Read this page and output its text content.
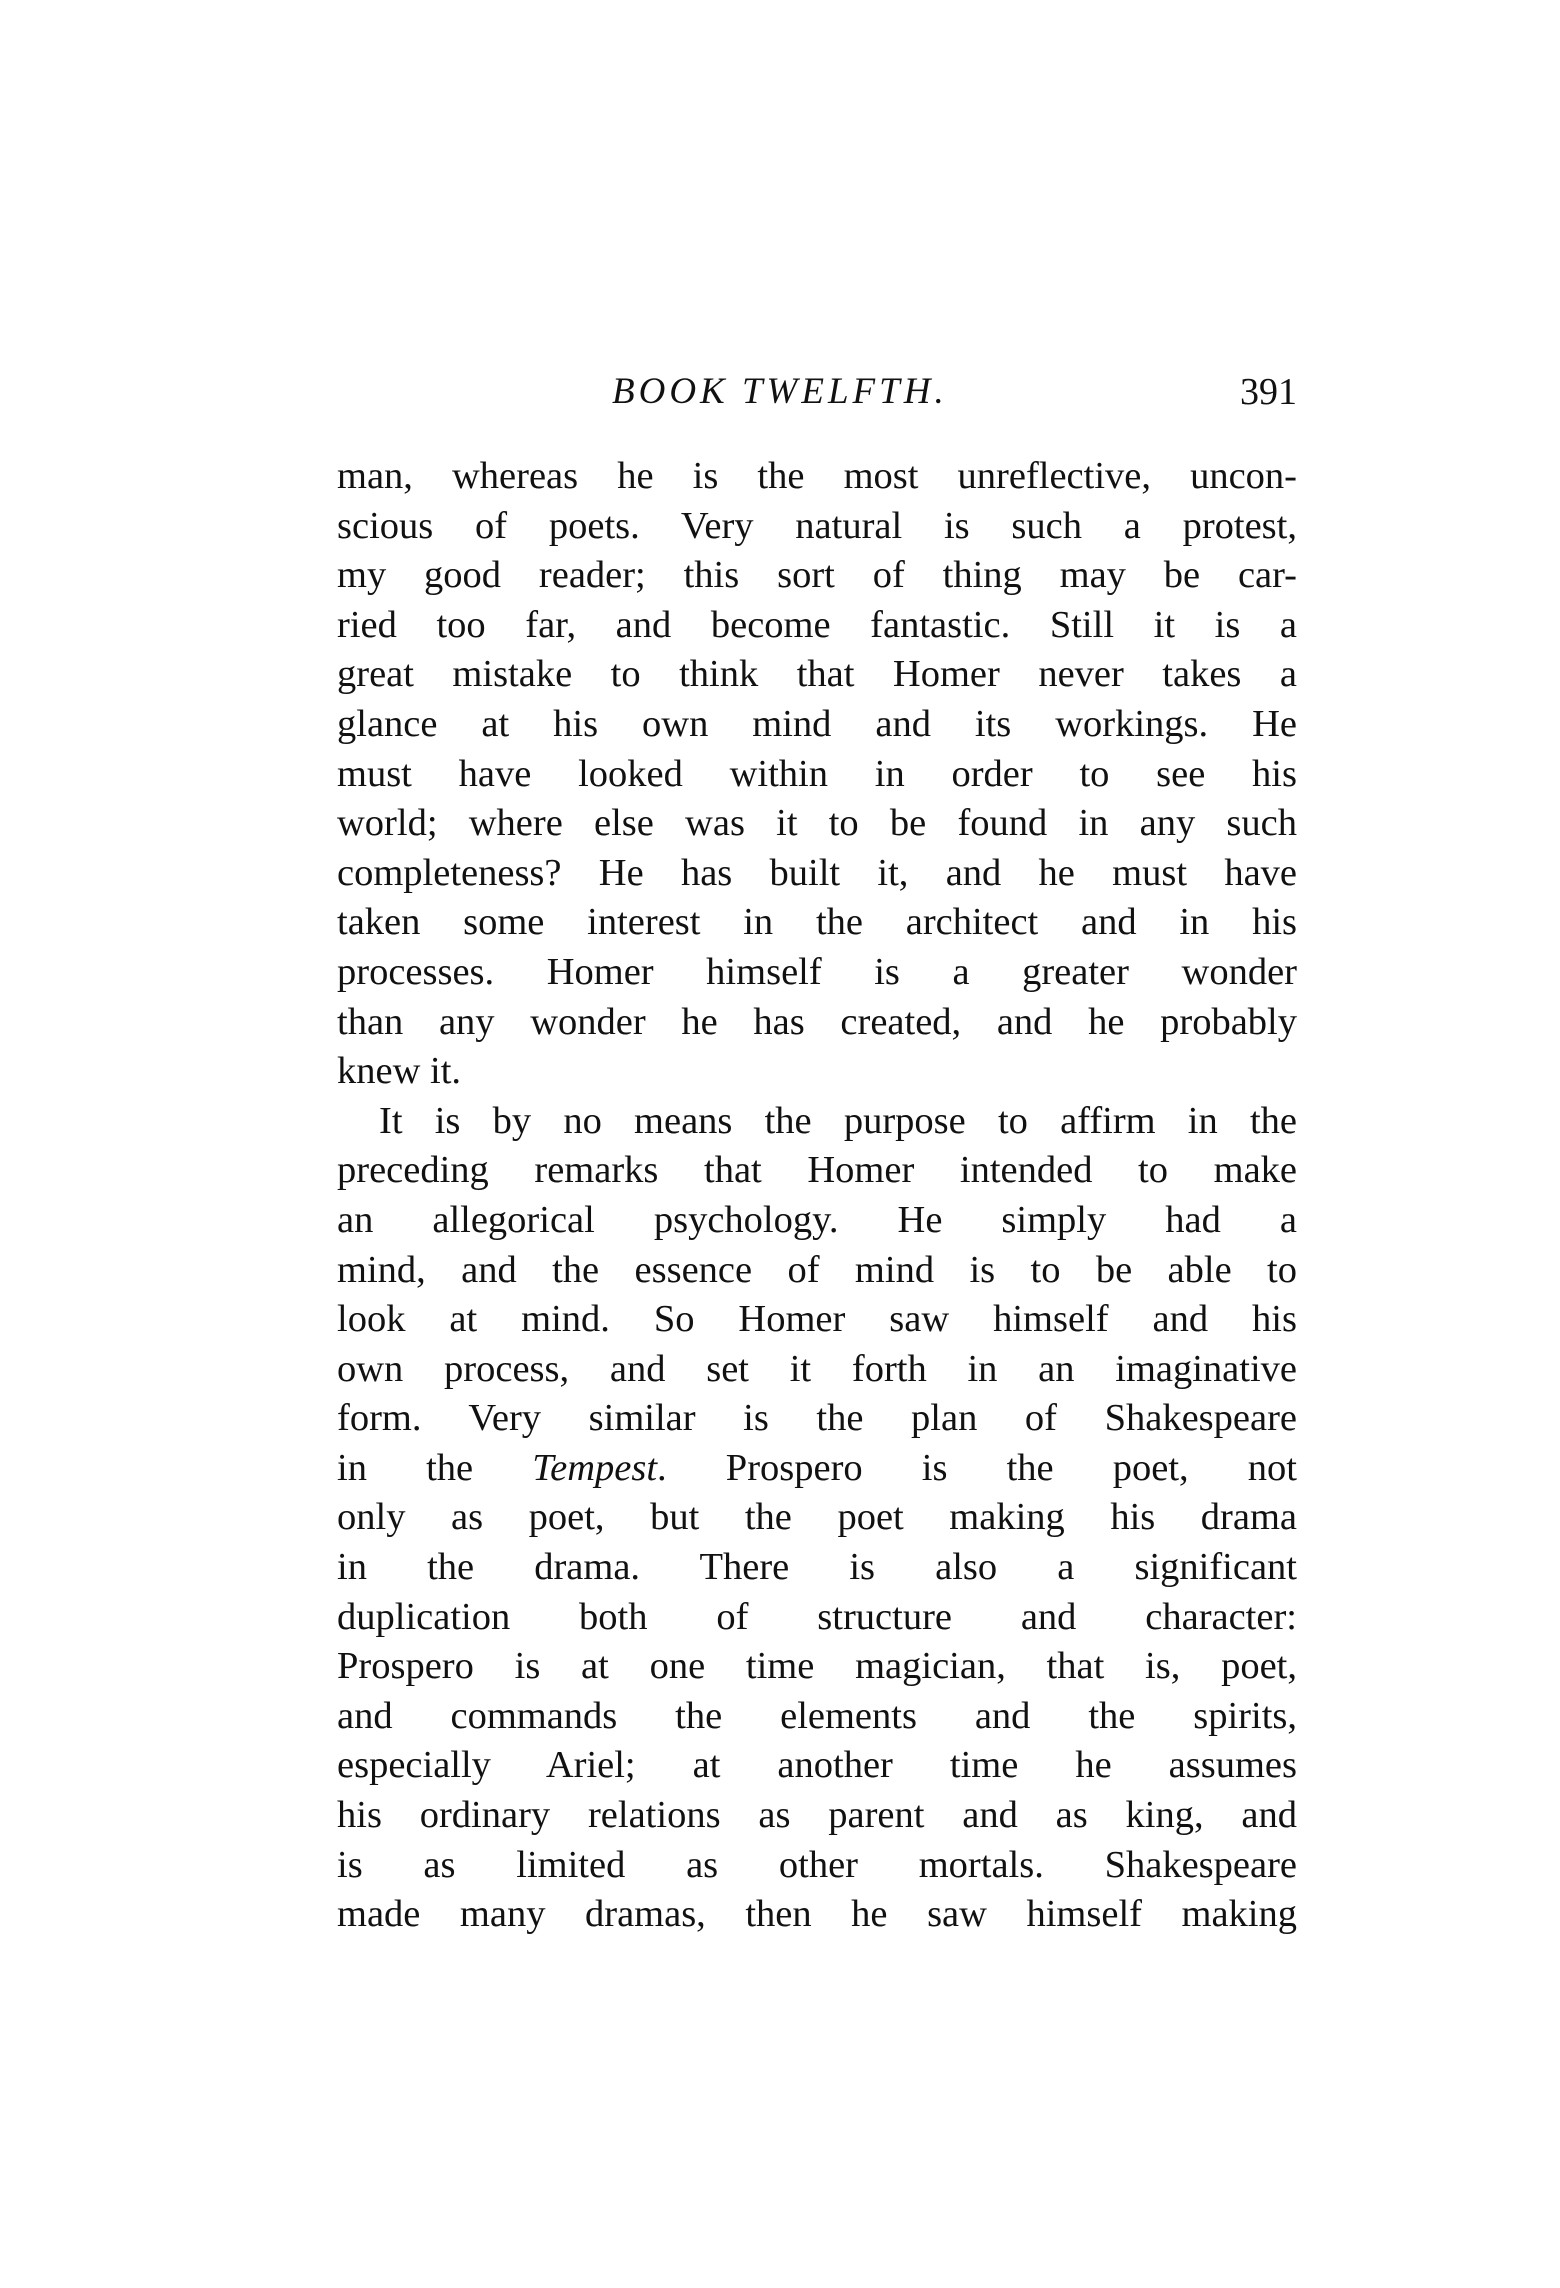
BOOK TWELFTH.	391
man, whereas he is the most unreflective, uncon-
scious of poets. Very natural is such a protest,
my good reader; this sort of thing may be car-
ried too far, and become fantastic. Still it is a
great mistake to think that Homer never takes a
glance at his own mind and its workings. He
must have looked within in order to see his
world; where else was it to be found in any such
completeness? He has built it, and he must have
taken some interest in the architect and in his
processes. Homer himself is a greater wonder
than any wonder he has created, and he probably
knew it.
It is by no means the purpose to affirm in the
preceding remarks that Homer intended to make
an allegorical psychology. He simply had a
mind, and the essence of mind is to be able to
look at mind. So Homer saw himself and his
own process, and set it forth in an imaginative
form. Very similar is the plan of Shakespeare
in the Tempest. Prospero is the poet, not
only as poet, but the poet making his drama
in the drama. There is also a significant
duplication both of structure and character:
Prospero is at one time magician, that is, poet,
and commands the elements and the spirits,
especially Ariel; at another time he assumes
his ordinary relations as parent and as king, and
is as limited as other mortals. Shakespeare
made many dramas, then he saw himself making
